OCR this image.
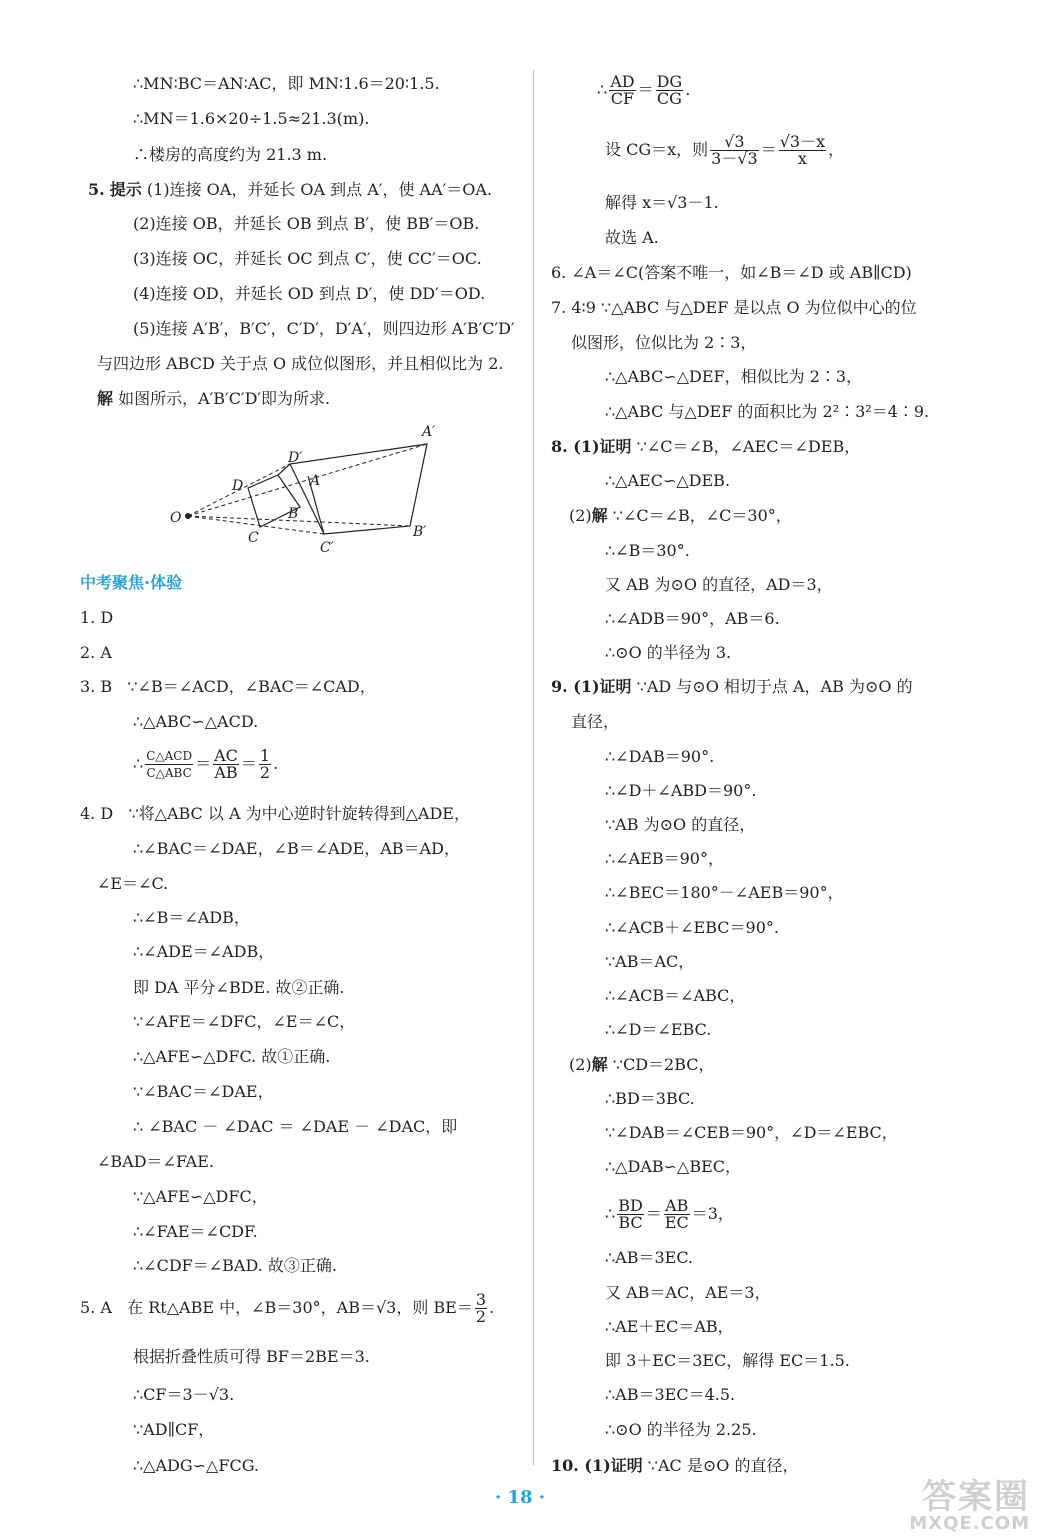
∴MN∶BC＝AN∶AC，即 MN∶1.6＝20∶1.5.
∴MN＝1.6×20÷1.5≈21.3(m).
∴楼房的高度约为 21.3 m.
5. 提示 (1)连接 OA，并延长 OA 到点 A′，使 AA′＝OA.
(2)连接 OB，并延长 OB 到点 B′，使 BB′＝OB.
(3)连接 OC，并延长 OC 到点 C′，使 CC′＝OC.
(4)连接 OD，并延长 OD 到点 D′，使 DD′＝OD.
(5)连接 A′B′，B′C′，C′D′，D′A′，则四边形 A′B′C′D′
与四边形 ABCD 关于点 O 成位似图形，并且相似比为 2.
解 如图所示，A′B′C′D′即为所求.
O
A
B
C
D
A′
B′
C′
D′
中考聚焦·体验
1. D
2. A
3. B ∵∠B＝∠ACD，∠BAC＝∠CAD，
∴△ABC∽△ACD.
∴ $\frac{\text{C△ACD}}{\text{C△ABC}} = \frac{AC}{AB} = \frac{1}{2}$ .
4. D ∵将△ABC 以 A 为中心逆时针旋转得到△ADE，
∴∠BAC＝∠DAE，∠B＝∠ADE，AB＝AD，
∠E＝∠C.
∴∠B＝∠ADB，
∴∠ADE＝∠ADB，
即 DA 平分∠BDE. 故②正确.
∵∠AFE＝∠DFC，∠E＝∠C，
∴△AFE∽△DFC. 故①正确.
∵∠BAC＝∠DAE，
∴ ∠BAC － ∠DAC ＝ ∠DAE － ∠DAC，即
∠BAD＝∠FAE.
∵△AFE∽△DFC，
∴∠FAE＝∠CDF.
∴∠CDF＝∠BAD. 故③正确.
5. A 在 Rt△ABE 中，∠B＝30°，AB＝√3，则 $BE= \frac{3}{2}$ .
根据折叠性质可得 BF＝2BE＝3.
∴CF＝3－√3.
∵AD∥CF，
∴△ADG∽△FCG.
∴ $\frac{AD}{CF} = \frac{DG}{CG}$ .
设 CG＝x，则 $\frac{√3}{3-√3} = \frac{√3-x}{x}$ ，
解得 x＝√3－1.
故选 A.
6. ∠A＝∠C(答案不唯一，如∠B＝∠D 或 AB∥CD)
7. 4∶9 ∵△ABC 与△DEF 是以点 O 为位似中心的位
似图形，位似比为 2∶3，
∴△ABC∽△DEF，相似比为 2∶3，
∴△ABC 与△DEF 的面积比为 2²∶3²＝4∶9.
8. (1)证明 ∵∠C＝∠B，∠AEC＝∠DEB，
∴△AEC∽△DEB.
(2)解 ∵∠C＝∠B，∠C＝30°，
∴∠B＝30°.
又 AB 为⊙O 的直径，AD＝3，
∴∠ADB＝90°，AB＝6.
∴⊙O 的半径为 3.
9. (1)证明 ∵AD 与⊙O 相切于点 A，AB 为⊙O 的
直径，
∴∠DAB＝90°.
∴∠D＋∠ABD＝90°.
∵AB 为⊙O 的直径，
∴∠AEB＝90°，
∴∠BEC＝180°－∠AEB＝90°，
∴∠ACB＋∠EBC＝90°.
∵AB＝AC，
∴∠ACB＝∠ABC，
∴∠D＝∠EBC.
(2)解 ∵CD＝2BC，
∴BD＝3BC.
∵∠DAB＝∠CEB＝90°，∠D＝∠EBC，
∴△DAB∽△BEC，
∴ $\frac{BD}{BC} = \frac{AB}{EC} =3$，
∴AB＝3EC.
又 AB＝AC，AE＝3，
∴AE＋EC＝AB，
即 3＋EC＝3EC，解得 EC＝1.5.
∴AB＝3EC＝4.5.
∴⊙O 的半径为 2.25.
10. (1)证明 ∵AC 是⊙O 的直径，
· 18 ·	答案圈
MXQE.COM
